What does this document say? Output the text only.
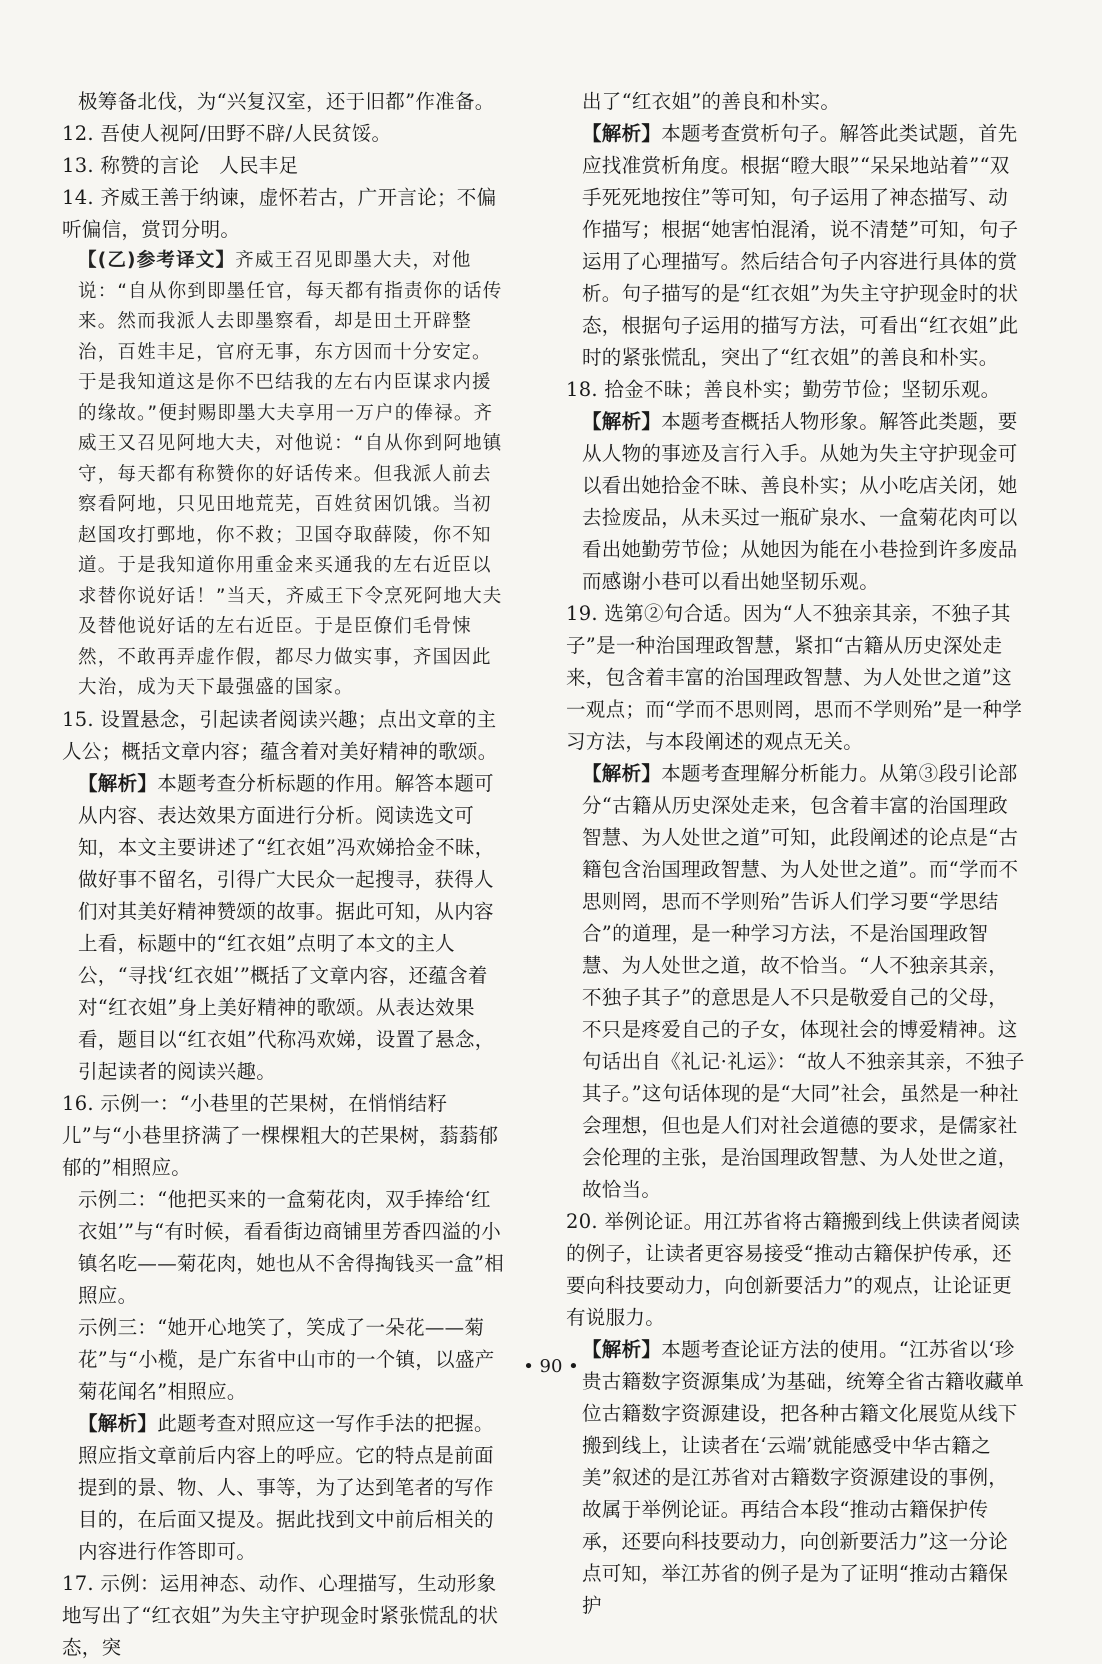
极筹备北伐，为“兴复汉室，还于旧都”作准备。
12. 吾使人视阿/田野不辟/人民贫馁。
13. 称赞的言论　人民丰足
14. 齐威王善于纳谏，虚怀若古，广开言论；不偏听偏信，赏罚分明。
【(乙)参考译文】齐威王召见即墨大夫，对他说：“自从你到即墨任官，每天都有指责你的话传来。然而我派人去即墨察看，却是田土开辟整治，百姓丰足，官府无事，东方因而十分安定。于是我知道这是你不巴结我的左右内臣谋求内援的缘故。”便封赐即墨大夫享用一万户的俸禄。齐威王又召见阿地大夫，对他说：“自从你到阿地镇守，每天都有称赞你的好话传来。但我派人前去察看阿地，只见田地荒芜，百姓贫困饥饿。当初赵国攻打鄄地，你不救；卫国夺取薛陵，你不知道。于是我知道你用重金来买通我的左右近臣以求替你说好话！”当天，齐威王下令烹死阿地大夫及替他说好话的左右近臣。于是臣僚们毛骨悚然，不敢再弄虚作假，都尽力做实事，齐国因此大治，成为天下最强盛的国家。
15. 设置悬念，引起读者阅读兴趣；点出文章的主人公；概括文章内容；蕴含着对美好精神的歌颂。
【解析】本题考查分析标题的作用。解答本题可从内容、表达效果方面进行分析。阅读选文可知，本文主要讲述了“红衣姐”冯欢娣拾金不昧，做好事不留名，引得广大民众一起搜寻，获得人们对其美好精神赞颂的故事。据此可知，从内容上看，标题中的“红衣姐”点明了本文的主人公，“寻找‘红衣姐’”概括了文章内容，还蕴含着对“红衣姐”身上美好精神的歌颂。从表达效果看，题目以“红衣姐”代称冯欢娣，设置了悬念，引起读者的阅读兴趣。
16. 示例一：“小巷里的芒果树，在悄悄结籽儿”与“小巷里挤满了一棵棵粗大的芒果树，蓊蓊郁郁的”相照应。
示例二：“他把买来的一盒菊花肉，双手捧给‘红衣姐’”与“有时候，看看街边商铺里芳香四溢的小镇名吃——菊花肉，她也从不舍得掏钱买一盒”相照应。
示例三：“她开心地笑了，笑成了一朵花——菊花”与“小榄，是广东省中山市的一个镇，以盛产菊花闻名”相照应。
【解析】此题考查对照应这一写作手法的把握。照应指文章前后内容上的呼应。它的特点是前面提到的景、物、人、事等，为了达到笔者的写作目的，在后面又提及。据此找到文中前后相关的内容进行作答即可。
17. 示例：运用神态、动作、心理描写，生动形象地写出了“红衣姐”为失主守护现金时紧张慌乱的状态，突
出了“红衣姐”的善良和朴实。
【解析】本题考查赏析句子。解答此类试题，首先应找准赏析角度。根据“瞪大眼”“呆呆地站着”“双手死死地按住”等可知，句子运用了神态描写、动作描写；根据“她害怕混淆，说不清楚”可知，句子运用了心理描写。然后结合句子内容进行具体的赏析。句子描写的是“红衣姐”为失主守护现金时的状态，根据句子运用的描写方法，可看出“红衣姐”此时的紧张慌乱，突出了“红衣姐”的善良和朴实。
18. 拾金不昧；善良朴实；勤劳节俭；坚韧乐观。
【解析】本题考查概括人物形象。解答此类题，要从人物的事迹及言行入手。从她为失主守护现金可以看出她拾金不昧、善良朴实；从小吃店关闭，她去捡废品，从未买过一瓶矿泉水、一盒菊花肉可以看出她勤劳节俭；从她因为能在小巷捡到许多废品而感谢小巷可以看出她坚韧乐观。
19. 选第②句合适。因为“人不独亲其亲，不独子其子”是一种治国理政智慧，紧扣“古籍从历史深处走来，包含着丰富的治国理政智慧、为人处世之道”这一观点；而“学而不思则罔，思而不学则殆”是一种学习方法，与本段阐述的观点无关。
【解析】本题考查理解分析能力。从第③段引论部分“古籍从历史深处走来，包含着丰富的治国理政智慧、为人处世之道”可知，此段阐述的论点是“古籍包含治国理政智慧、为人处世之道”。而“学而不思则罔，思而不学则殆”告诉人们学习要“学思结合”的道理，是一种学习方法，不是治国理政智慧、为人处世之道，故不恰当。“人不独亲其亲，不独子其子”的意思是人不只是敬爱自己的父母，不只是疼爱自己的子女，体现社会的博爱精神。这句话出自《礼记·礼运》：“故人不独亲其亲，不独子其子。”这句话体现的是“大同”社会，虽然是一种社会理想，但也是人们对社会道德的要求，是儒家社会伦理的主张，是治国理政智慧、为人处世之道，故恰当。
20. 举例论证。用江苏省将古籍搬到线上供读者阅读的例子，让读者更容易接受“推动古籍保护传承，还要向科技要动力，向创新要活力”的观点，让论证更有说服力。
【解析】本题考查论证方法的使用。“江苏省以‘珍贵古籍数字资源集成’为基础，统筹全省古籍收藏单位古籍数字资源建设，把各种古籍文化展览从线下搬到线上，让读者在‘云端’就能感受中华古籍之美”叙述的是江苏省对古籍数字资源建设的事例，故属于举例论证。再结合本段“推动古籍保护传承，还要向科技要动力，向创新要活力”这一分论点可知，举江苏省的例子是为了证明“推动古籍保护
• 90 •
